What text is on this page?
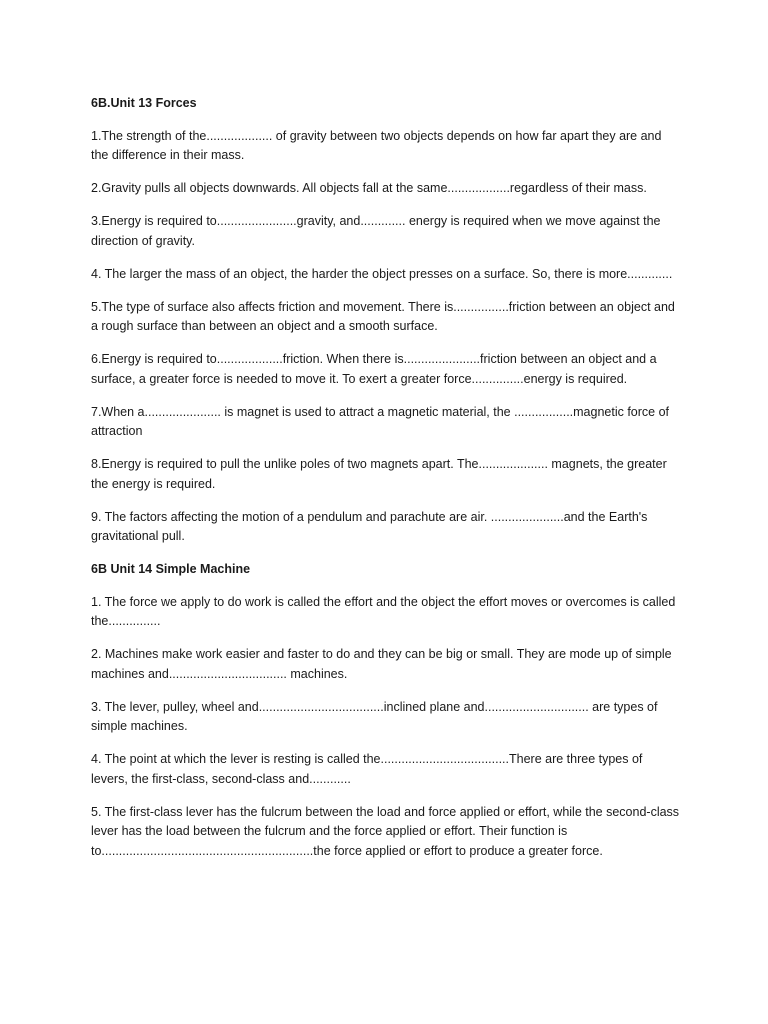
6B.Unit 13 Forces

1.The strength of the................... of gravity between two objects depends on how far apart they are and the difference in their mass.

2.Gravity pulls all objects downwards. All objects fall at the same..................regardless of their mass.

3.Energy is required to.......................gravity, and............. energy is required when we move against the direction of gravity.

4. The larger the mass of an object, the harder the object presses on a surface. So, there is more.............

5.The type of surface also affects friction and movement. There is................friction between an object and a rough surface than between an object and a smooth surface.

6.Energy is required to...................friction. When there is......................friction between an object and a surface, a greater force is needed to move it. To exert a greater force...............energy is required.

7.When a...................... is magnet is used to attract a magnetic material, the .................magnetic force of attraction

8.Energy is required to pull the unlike poles of two magnets apart. The.................... magnets, the greater the energy is required.

9. The factors affecting the motion of a pendulum and parachute are air. .....................and the Earth's gravitational pull.

6B Unit 14 Simple Machine

1. The force we apply to do work is called the effort and the object the effort moves or overcomes is called the...............

2. Machines make work easier and faster to do and they can be big or small. They are mode up of simple machines and.................................. machines.

3. The lever, pulley, wheel and....................................inclined plane and.............................. are types of simple machines.

4. The point at which the lever is resting is called the.....................................There are three types of levers, the first-class, second-class and............

5. The first-class lever has the fulcrum between the load and force applied or effort, while the second-class lever has the load between the fulcrum and the force applied or effort. Their function is to.............................................................the force applied or effort to produce a greater force.
